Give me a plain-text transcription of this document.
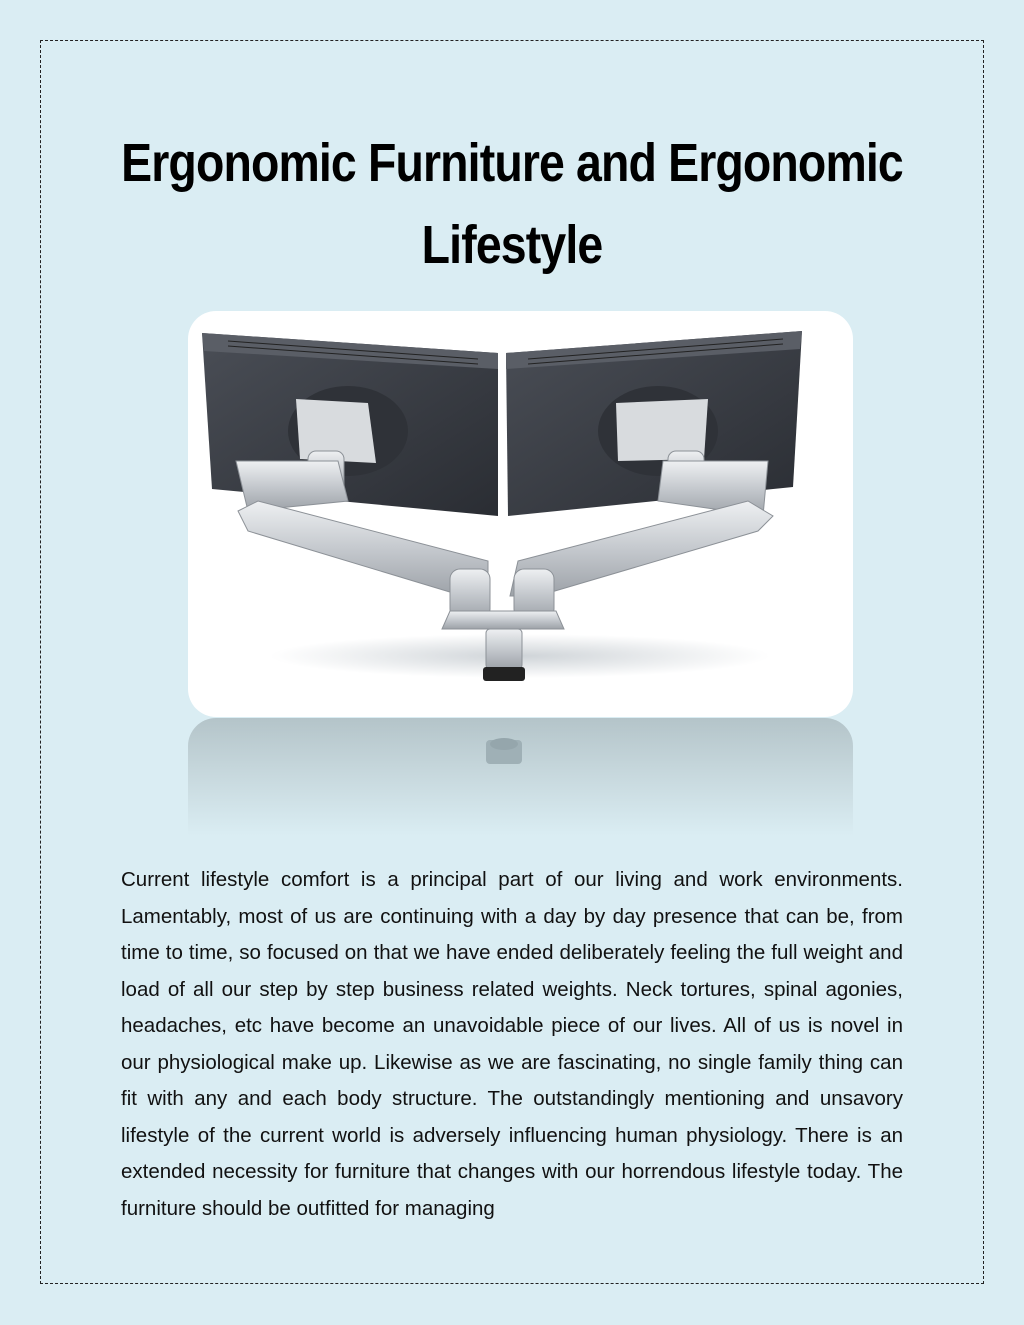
Ergonomic Furniture and Ergonomic
Lifestyle

Current lifestyle comfort is a principal part of our living and work environments. Lamentably, most of us are continuing with a day by day presence that can be, from time to time, so focused on that we have ended deliberately feeling the full weight and load of all our step by step business related weights. Neck tortures, spinal agonies, headaches, etc have become an unavoidable piece of our lives. All of us is novel in our physiological make up. Likewise as we are fascinating, no single family thing can fit with any and each body structure. The outstandingly mentioning and unsavory lifestyle of the current world is adversely influencing human physiology. There is an extended necessity for furniture that changes with our horrendous lifestyle today. The furniture should be outfitted for managing
